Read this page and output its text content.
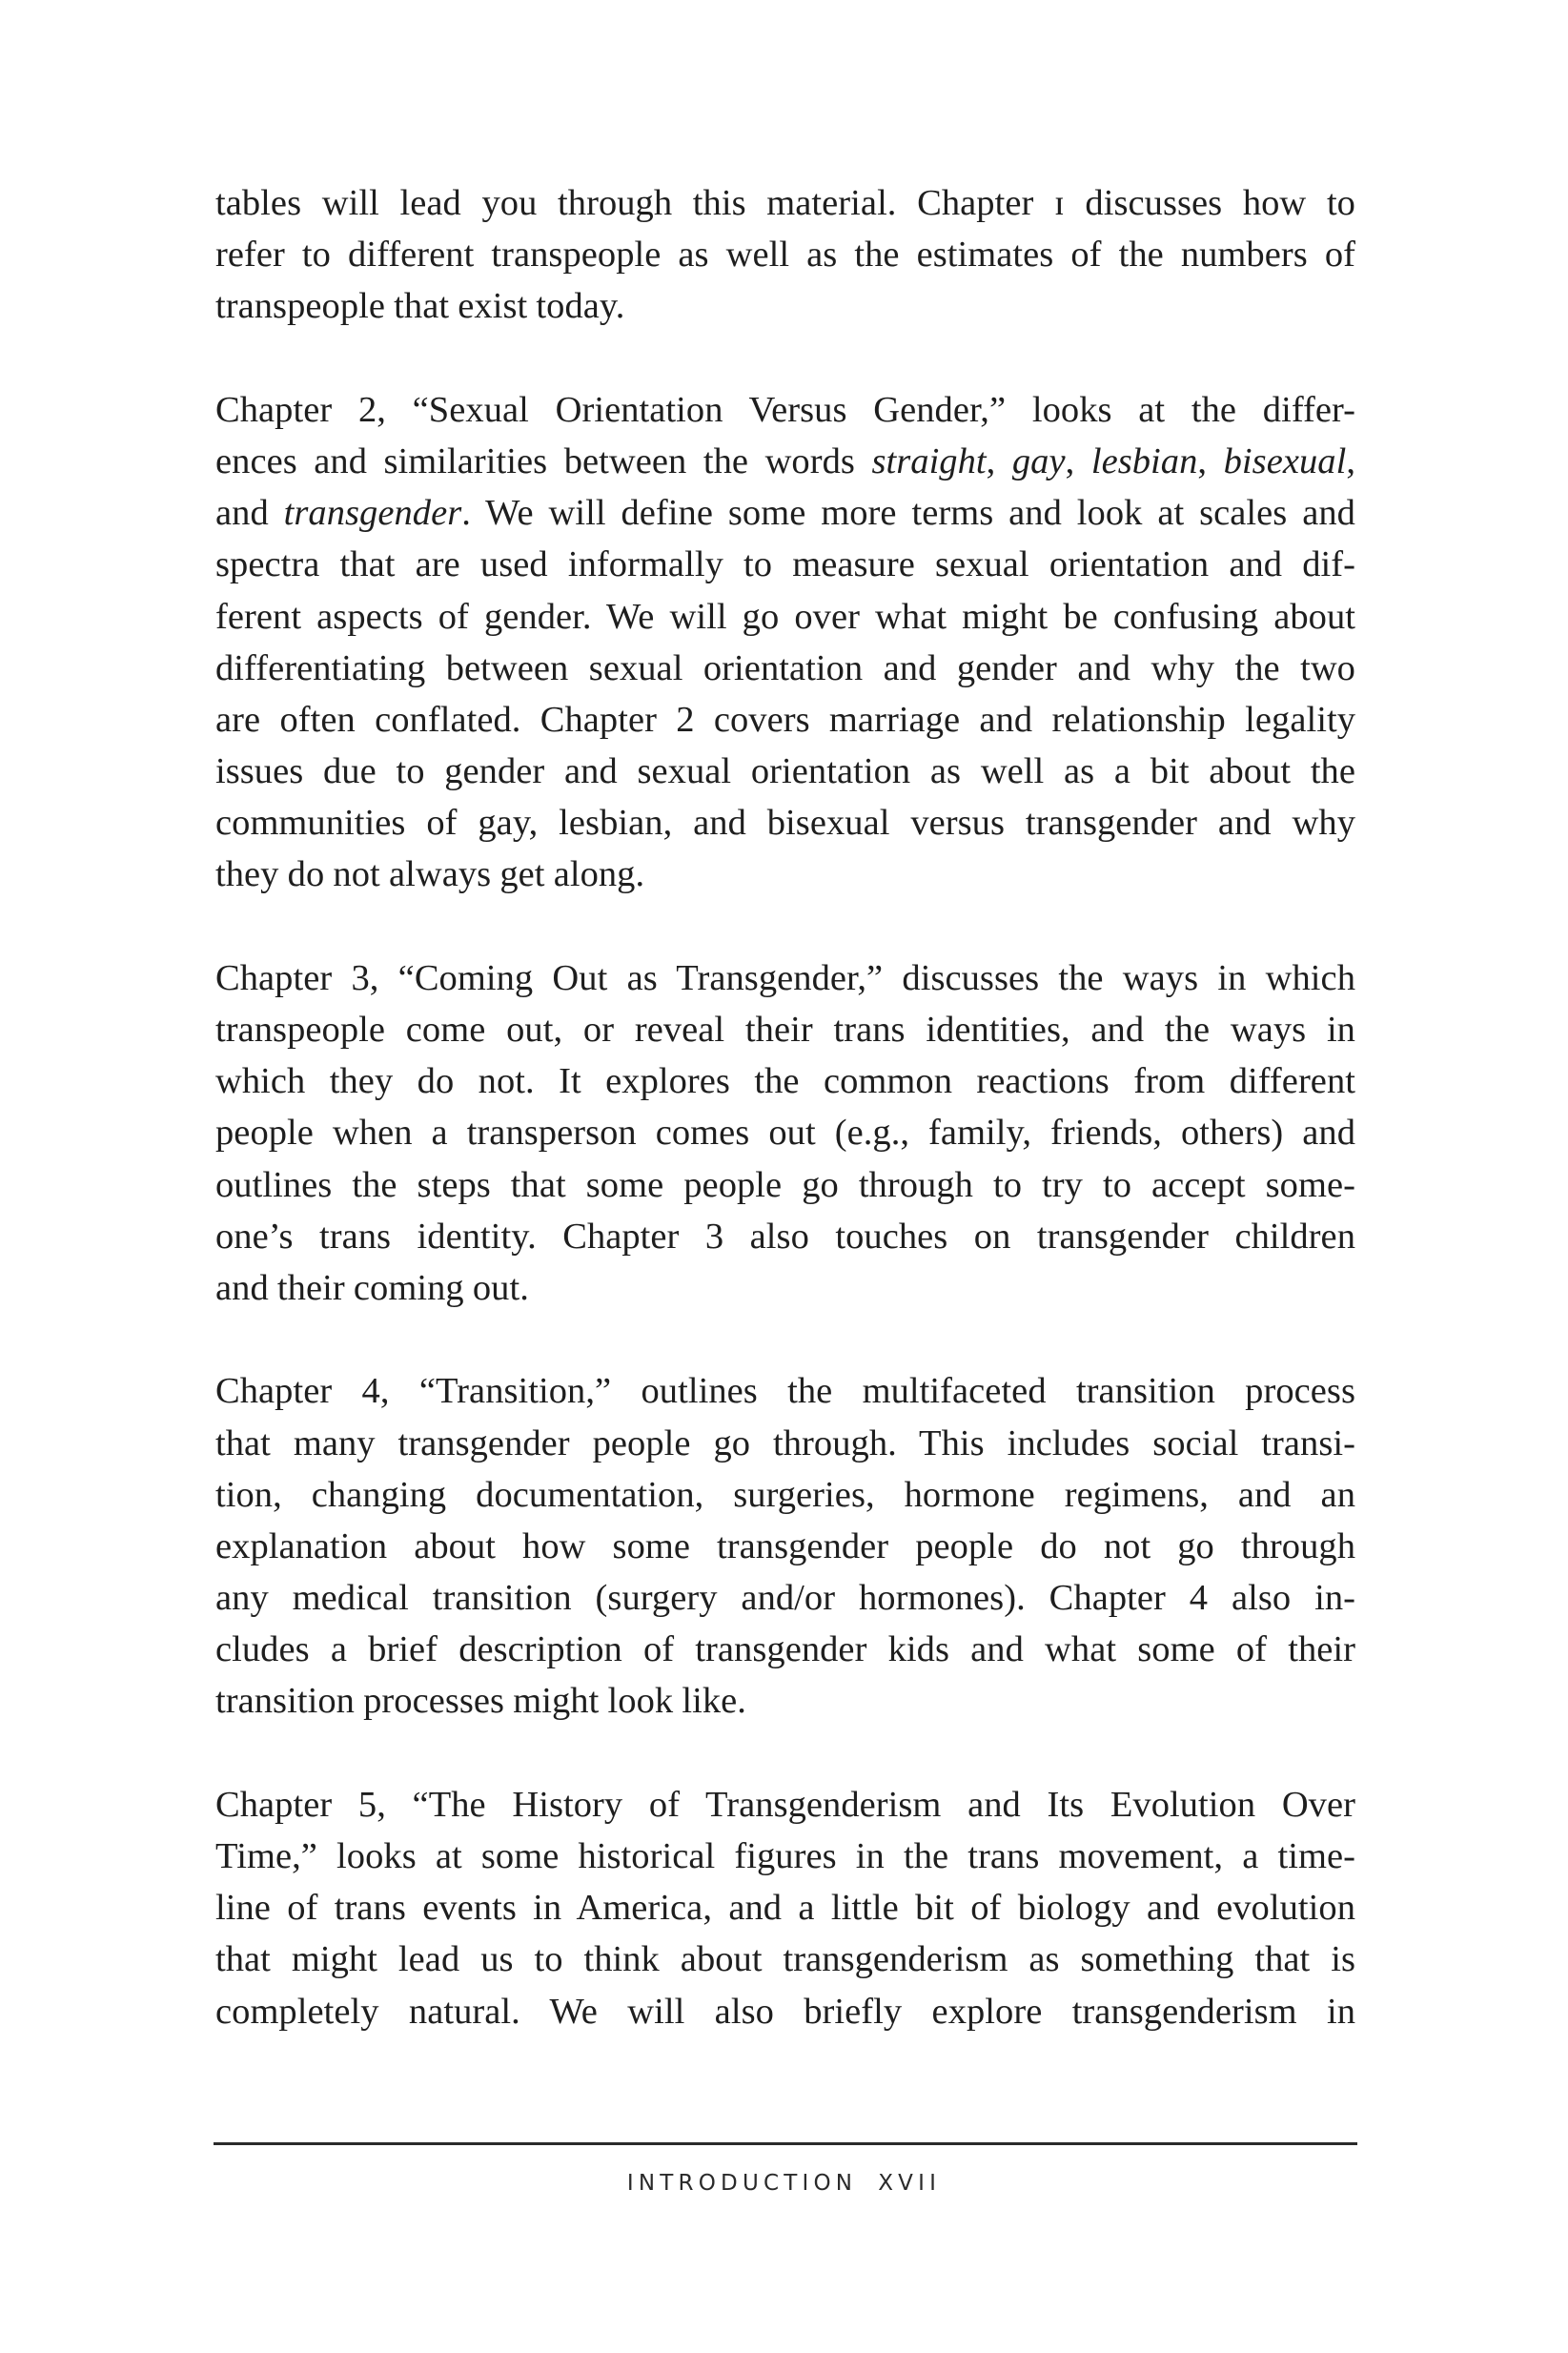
tables will lead you through this material. Chapter ɪ discusses how to
refer to different transpeople as well as the estimates of the numbers of
transpeople that exist today.
Chapter 2, “Sexual Orientation Versus Gender,” looks at the differ-
ences and similarities between the words straight, gay, lesbian, bisexual,
and transgender. We will define some more terms and look at scales and
spectra that are used informally to measure sexual orientation and dif-
ferent aspects of gender. We will go over what might be confusing about
differentiating between sexual orientation and gender and why the two
are often conflated. Chapter 2 covers marriage and relationship legality
issues due to gender and sexual orientation as well as a bit about the
communities of gay, lesbian, and bisexual versus transgender and why
they do not always get along.
Chapter 3, “Coming Out as Transgender,” discusses the ways in which
transpeople come out, or reveal their trans identities, and the ways in
which they do not. It explores the common reactions from different
people when a transperson comes out (e.g., family, friends, others) and
outlines the steps that some people go through to try to accept some-
one’s trans identity. Chapter 3 also touches on transgender children
and their coming out.
Chapter 4, “Transition,” outlines the multifaceted transition process
that many transgender people go through. This includes social transi-
tion, changing documentation, surgeries, hormone regimens, and an
explanation about how some transgender people do not go through
any medical transition (surgery and/or hormones). Chapter 4 also in-
cludes a brief description of transgender kids and what some of their
transition processes might look like.
Chapter 5, “The History of Transgenderism and Its Evolution Over
Time,” looks at some historical figures in the trans movement, a time-
line of trans events in America, and a little bit of biology and evolution
that might lead us to think about transgenderism as something that is
completely natural. We will also briefly explore transgenderism in
INTRODUCTION XVII
